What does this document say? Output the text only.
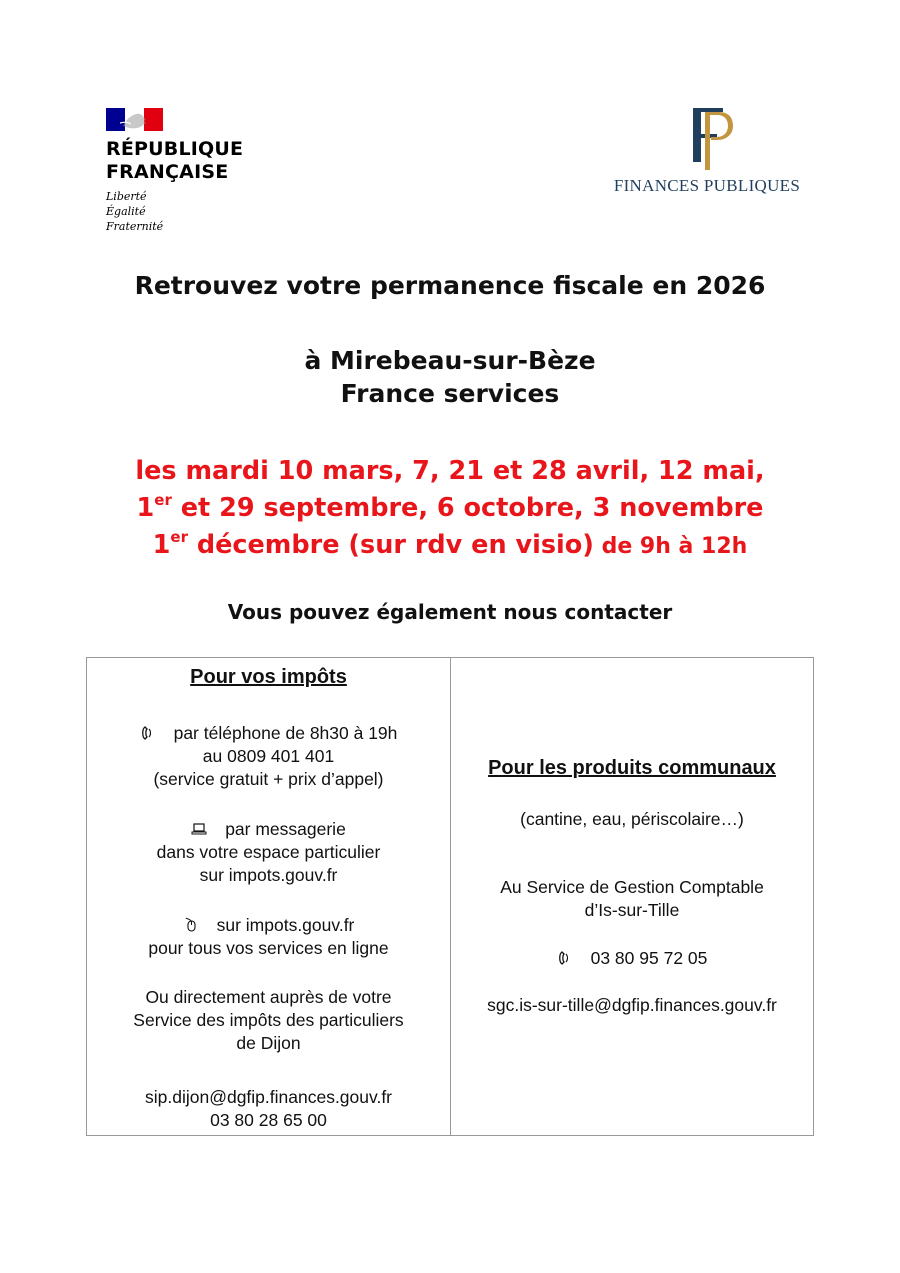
RÉPUBLIQUE
FRANÇAISE
Liberté
Égalité
Fraternité
FINANCES PUBLIQUES
Retrouvez votre permanence fiscale en 2026
à Mirebeau-sur-Bèze
France services
les mardi 10 mars, 7, 21 et 28 avril, 12 mai,
1er et 29 septembre, 6 octobre, 3 novembre
1er décembre (sur rdv en visio) de 9h à 12h
Vous pouvez également nous contacter
Pour vos impôts
par téléphone de 8h30 à 19h
au 0809 401 401
(service gratuit + prix d’appel)
par messagerie
dans votre espace particulier
sur impots.gouv.fr
sur impots.gouv.fr
pour tous vos services en ligne
Ou directement auprès de votre
Service des impôts des particuliers
de Dijon
sip.dijon@dgfip.finances.gouv.fr
03 80 28 65 00
Pour les produits communaux
(cantine, eau, périscolaire…)
Au Service de Gestion Comptable
d’Is-sur-Tille
03 80 95 72 05
sgc.is-sur-tille@dgfip.finances.gouv.fr
